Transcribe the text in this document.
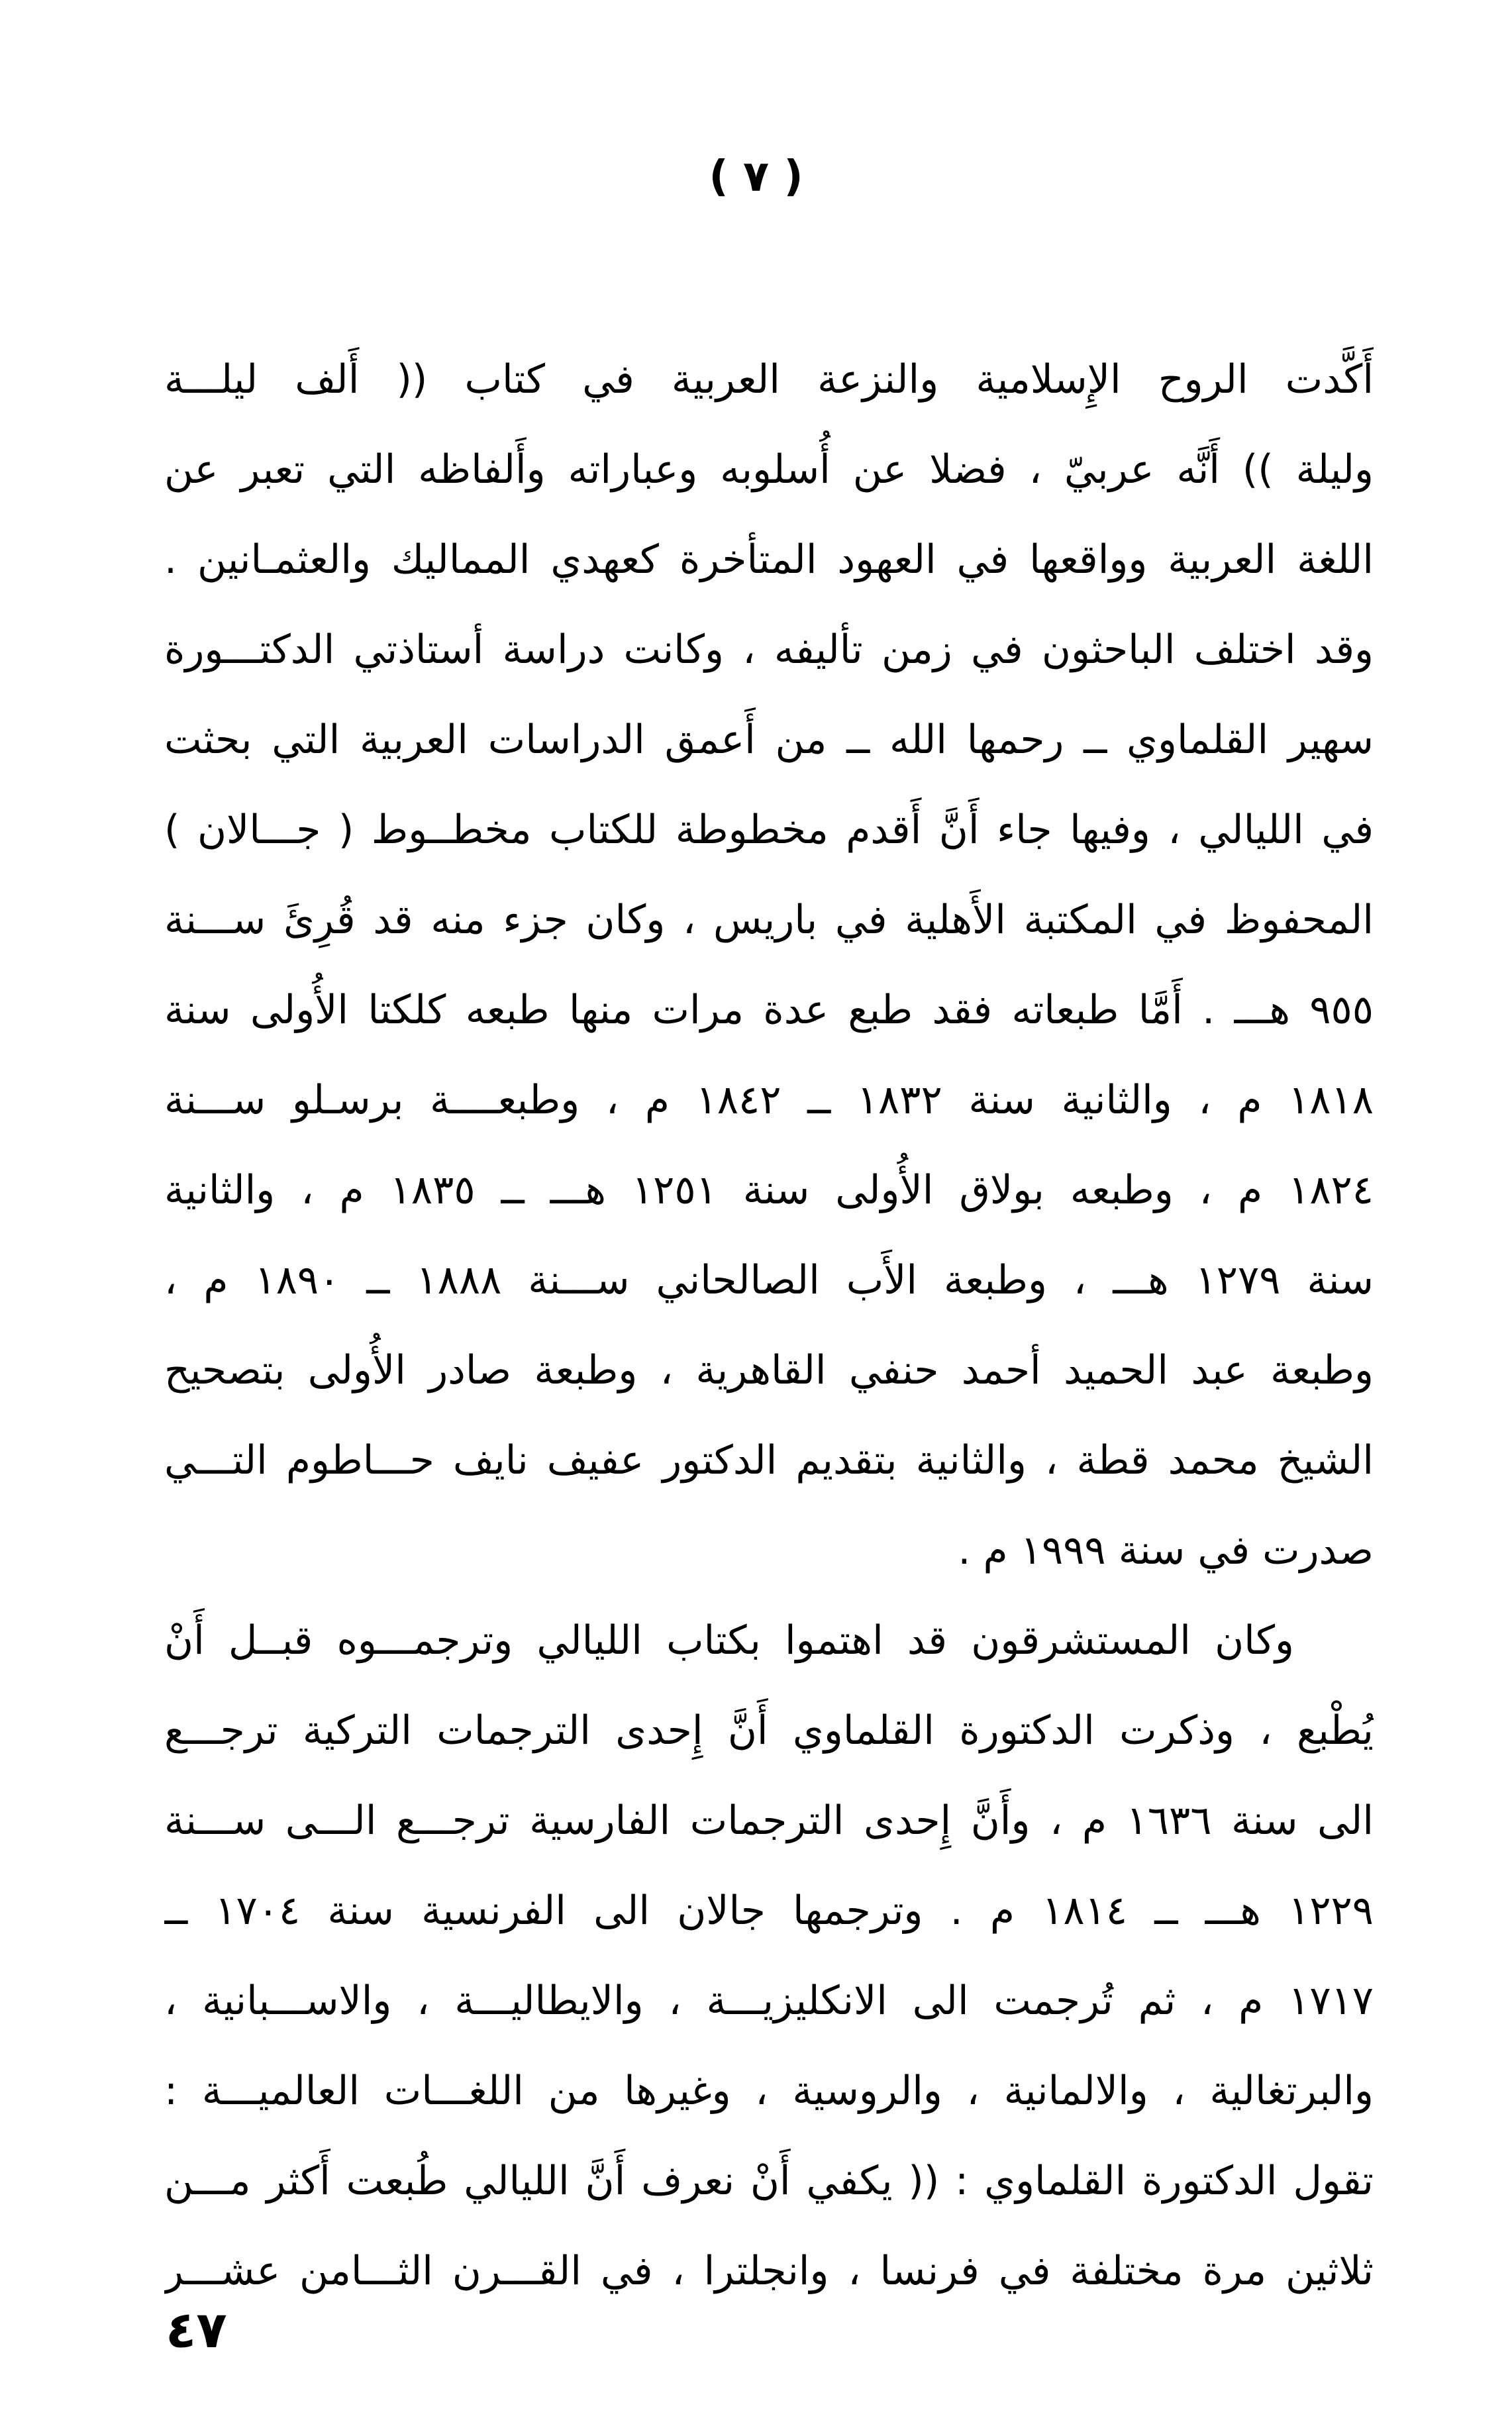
( ٧ )
أَكَّدت الروح الإِسلامية والنزعة العربية في كتاب (( أَلف ليلـــة
وليلة )) أَنَّه عربيّ ، فضلا عن أُسلوبه وعباراته وأَلفاظه التي تعبر عن
اللغة العربية وواقعها في العهود المتأخرة كعهدي المماليك والعثمـانين .
وقد اختلف الباحثون في زمن تأليفه ، وكانت دراسة أستاذتي الدكتـــورة
سهير القلماوي ــ رحمها الله ــ من أَعمق الدراسات العربية التي بحثت
في الليالي ، وفيها جاء أَنَّ أَقدم مخطوطة للكتاب مخطــوط ( جـــالان )
المحفوظ في المكتبة الأَهلية في باريس ، وكان جزء منه قد قُرِئَ ســـنة
٩٥٥ هـــ . أَمَّا طبعاته فقد طبع عدة مرات منها طبعه كلكتا الأُولى سنة
١٨١٨ م ، والثانية سنة ١٨٣٢ ــ ١٨٤٢ م ، وطبعــــة برسـلو ســـنة
١٨٢٤ م ، وطبعه بولاق الأُولى سنة ١٢٥١ هـــ ــ ١٨٣٥ م ، والثانية
سنة ١٢٧٩ هـــ ، وطبعة الأَب الصالحاني ســـنة ١٨٨٨ ــ ١٨٩٠ م ،
وطبعة عبد الحميد أحمد حنفي القاهرية ، وطبعة صادر الأُولى بتصحيح
الشيخ محمد قطة ، والثانية بتقديم الدكتور عفيف نايف حـــاطوم التـــي
صدرت في سنة ١٩٩٩ م .
وكان المستشرقون قد اهتموا بكتاب الليالي وترجمـــوه قبــل أَنْ
يُطْبع ، وذكرت الدكتورة القلماوي أَنَّ إِحدى الترجمات التركية ترجـــع
الى سنة ١٦٣٦ م ، وأَنَّ إِحدى الترجمات الفارسية ترجـــع الـــى ســـنة
١٢٢٩ هـــ ــ ١٨١٤ م . وترجمها جالان الى الفرنسية سنة ١٧٠٤ ــ
١٧١٧ م ، ثم تُرجمت الى الانكليزيـــة ، والايطاليـــة ، والاســـبانية ،
والبرتغالية ، والالمانية ، والروسية ، وغيرها من اللغـــات العالميـــة :
تقول الدكتورة القلماوي : (( يكفي أَنْ نعرف أَنَّ الليالي طُبعت أَكثر مـــن
ثلاثين مرة مختلفة في فرنسا ، وانجلترا ، في القـــرن الثـــامن عشـــر
٤٧
